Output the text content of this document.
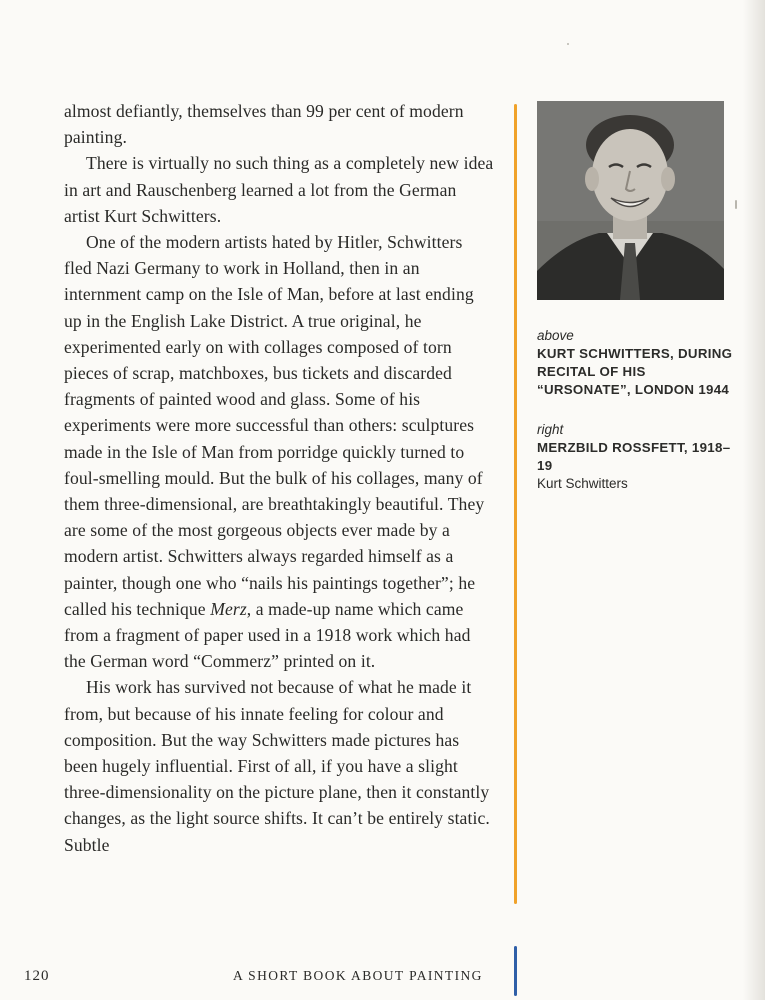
almost defiantly, themselves than 99 per cent of modern painting.

There is virtually no such thing as a completely new idea in art and Rauschenberg learned a lot from the German artist Kurt Schwitters.

One of the modern artists hated by Hitler, Schwitters fled Nazi Germany to work in Holland, then in an internment camp on the Isle of Man, before at last ending up in the English Lake District. A true original, he experimented early on with collages composed of torn pieces of scrap, matchboxes, bus tickets and discarded fragments of painted wood and glass. Some of his experiments were more successful than others: sculptures made in the Isle of Man from porridge quickly turned to foul-smelling mould. But the bulk of his collages, many of them three-dimensional, are breathtakingly beautiful. They are some of the most gorgeous objects ever made by a modern artist. Schwitters always regarded himself as a painter, though one who “nails his paintings together”; he called his technique Merz, a made-up name which came from a fragment of paper used in a 1918 work which had the German word “Commerz” printed on it.

His work has survived not because of what he made it from, but because of his innate feeling for colour and composition. But the way Schwitters made pictures has been hugely influential. First of all, if you have a slight three-dimensionality on the picture plane, then it constantly changes, as the light source shifts. It can’t be entirely static. Subtle

above

KURT SCHWITTERS, DURING RECITAL OF HIS “URSONATE”, LONDON 1944

right

MERZBILD ROSSFETT, 1918–19

Kurt Schwitters

120	A SHORT BOOK ABOUT PAINTING
